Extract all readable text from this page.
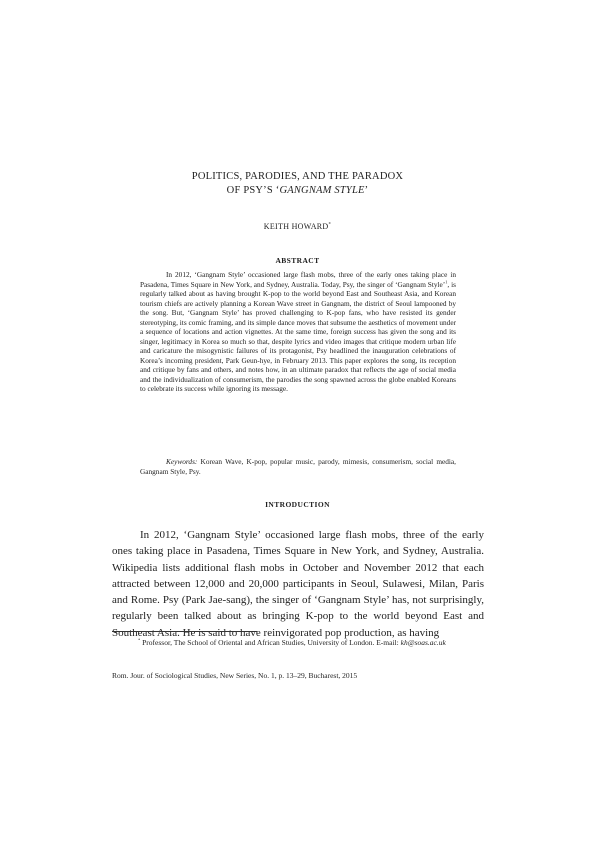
POLITICS, PARODIES, AND THE PARADOX
OF PSY’S ‘GANGNAM STYLE’
KEITH HOWARD*
ABSTRACT

In 2012, ‘Gangnam Style’ occasioned large flash mobs, three of the early ones taking place in Pasadena, Times Square in New York, and Sydney, Australia. Today, Psy, the singer of ‘Gangnam Style’$^1$, is regularly talked about as having brought K-pop to the world beyond East and Southeast Asia, and Korean tourism chiefs are actively planning a Korean Wave street in Gangnam, the district of Seoul lampooned by the song. But, ‘Gangnam Style’ has proved challenging to K-pop fans, who have resisted its gender stereotyping, its comic framing, and its simple dance moves that subsume the aesthetics of movement under a sequence of locations and action vignettes. At the same time, foreign success has given the song and its singer, legitimacy in Korea so much so that, despite lyrics and video images that critique modern urban life and caricature the misogynistic failures of its protagonist, Psy headlined the inauguration celebrations of Korea’s incoming president, Park Geun-hye, in February 2013. This paper explores the song, its reception and critique by fans and others, and notes how, in an ultimate paradox that reflects the age of social media and the individualization of consumerism, the parodies the song spawned across the globe enabled Koreans to celebrate its success while ignoring its message.

Keywords: Korean Wave, K-pop, popular music, parody, mimesis, consumerism, social media, Gangnam Style, Psy.

INTRODUCTION

In 2012, ‘Gangnam Style’ occasioned large flash mobs, three of the early ones taking place in Pasadena, Times Square in New York, and Sydney, Australia. Wikipedia lists additional flash mobs in October and November 2012 that each attracted between 12,000 and 20,000 participants in Seoul, Sulawesi, Milan, Paris and Rome. Psy (Park Jae-sang), the singer of ‘Gangnam Style’ has, not surprisingly, regularly been talked about as bringing K-pop to the world beyond East and Southeast Asia. He is said to have reinvigorated pop production, as having

* Professor, The School of Oriental and African Studies, University of London. E-mail: kh@soas.ac.uk

Rom. Jour. of Sociological Studies, New Series, No. 1, p. 13–29, Bucharest, 2015
